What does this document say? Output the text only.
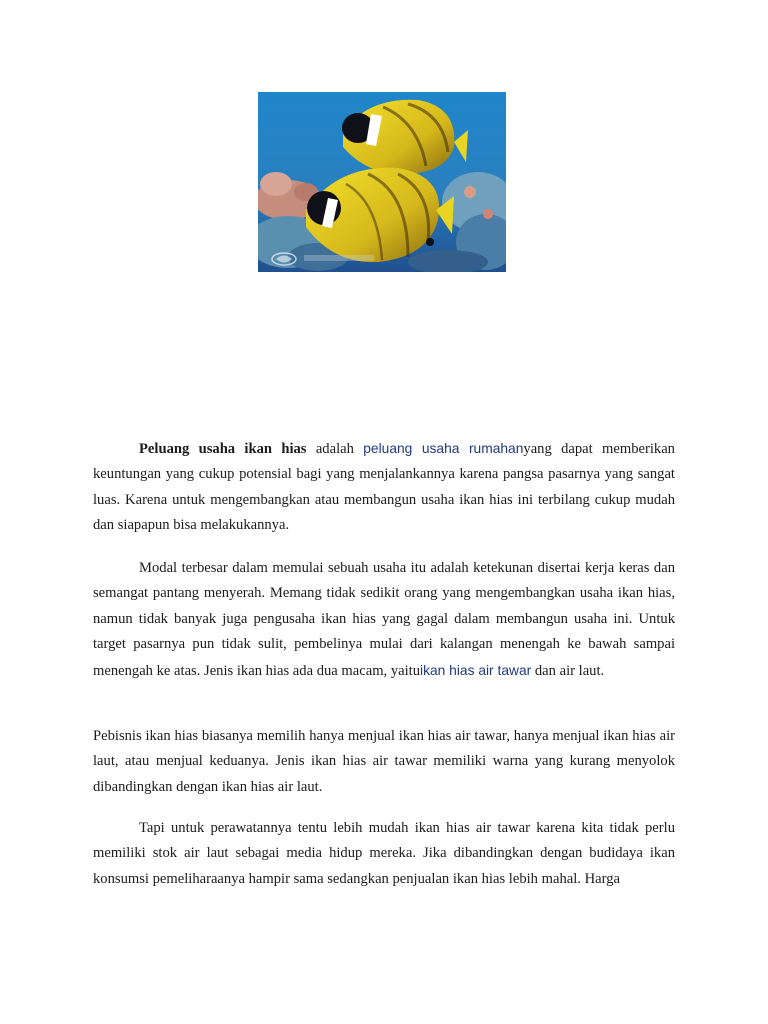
Peluang usaha ikan hias adalah peluang usaha rumahanyang dapat memberikan keuntungan yang cukup potensial bagi yang menjalankannya karena pangsa pasarnya yang sangat luas. Karena untuk mengembangkan atau membangun usaha ikan hias ini terbilang cukup mudah dan siapapun bisa melakukannya.

Modal terbesar dalam memulai sebuah usaha itu adalah ketekunan disertai kerja keras dan semangat pantang menyerah. Memang tidak sedikit orang yang mengembangkan usaha ikan hias, namun tidak banyak juga pengusaha ikan hias yang gagal dalam membangun usaha ini. Untuk target pasarnya pun tidak sulit, pembelinya mulai dari kalangan menengah ke bawah sampai menengah ke atas. Jenis ikan hias ada dua macam, yaituikan hias air tawar dan air laut.

Pebisnis ikan hias biasanya memilih hanya menjual ikan hias air tawar, hanya menjual ikan hias air laut, atau menjual keduanya. Jenis ikan hias air tawar memiliki warna yang kurang menyolok dibandingkan dengan ikan hias air laut.

Tapi untuk perawatannya tentu lebih mudah ikan hias air tawar karena kita tidak perlu memiliki stok air laut sebagai media hidup mereka. Jika dibandingkan dengan budidaya ikan konsumsi pemeliharaanya hampir sama sedangkan penjualan ikan hias lebih mahal. Harga
